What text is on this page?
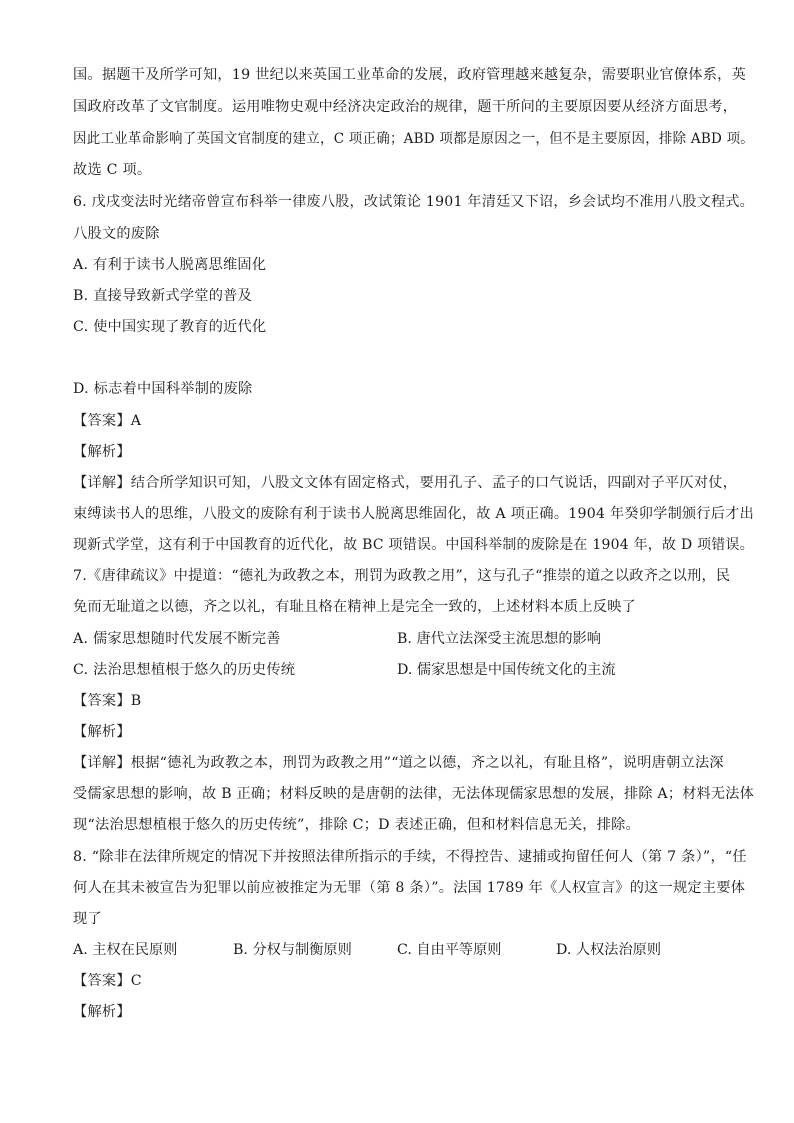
国。据题干及所学可知，19 世纪以来英国工业革命的发展，政府管理越来越复杂，需要职业官僚体系，英
国政府改革了文官制度。运用唯物史观中经济决定政治的规律，题干所问的主要原因要从经济方面思考，
因此工业革命影响了英国文官制度的建立，C 项正确；ABD 项都是原因之一，但不是主要原因，排除 ABD 项。
故选 C 项。
6. 戊戌变法时光绪帝曾宣布科举一律废八股，改试策论 1901 年清廷又下诏，乡会试均不准用八股文程式。
八股文的废除
A. 有利于读书人脱离思维固化
B. 直接导致新式学堂的普及
C. 使中国实现了教育的近代化
D. 标志着中国科举制的废除
【答案】A
【解析】
【详解】结合所学知识可知，八股文文体有固定格式，要用孔子、孟子的口气说话，四副对子平仄对仗，
束缚读书人的思维，八股文的废除有利于读书人脱离思维固化，故 A 项正确。1904 年癸卯学制颁行后才出
现新式学堂，这有利于中国教育的近代化，故 BC 项错误。中国科举制的废除是在 1904 年，故 D 项错误。
7.《唐律疏议》中提道：“德礼为政教之本，刑罚为政教之用”，这与孔子“推崇的道之以政齐之以刑，民
免而无耻道之以德，齐之以礼，有耻且格在精神上是完全一致的，上述材料本质上反映了
A. 儒家思想随时代发展不断完善	B. 唐代立法深受主流思想的影响
C. 法治思想植根于悠久的历史传统	D. 儒家思想是中国传统文化的主流
【答案】B
【解析】
【详解】根据“德礼为政教之本，刑罚为政教之用”“道之以德，齐之以礼，有耻且格”，说明唐朝立法深
受儒家思想的影响，故 B 正确；材料反映的是唐朝的法律，无法体现儒家思想的发展，排除 A；材料无法体
现“法治思想植根于悠久的历史传统”，排除 C；D 表述正确，但和材料信息无关，排除。
8. “除非在法律所规定的情况下并按照法律所指示的手续，不得控告、逮捕或拘留任何人（第 7 条）”，“任
何人在其未被宣告为犯罪以前应被推定为无罪（第 8 条）”。法国 1789 年《人权宣言》的这一规定主要体
现了
A. 主权在民原则	B. 分权与制衡原则	C. 自由平等原则	D. 人权法治原则
【答案】C
【解析】
